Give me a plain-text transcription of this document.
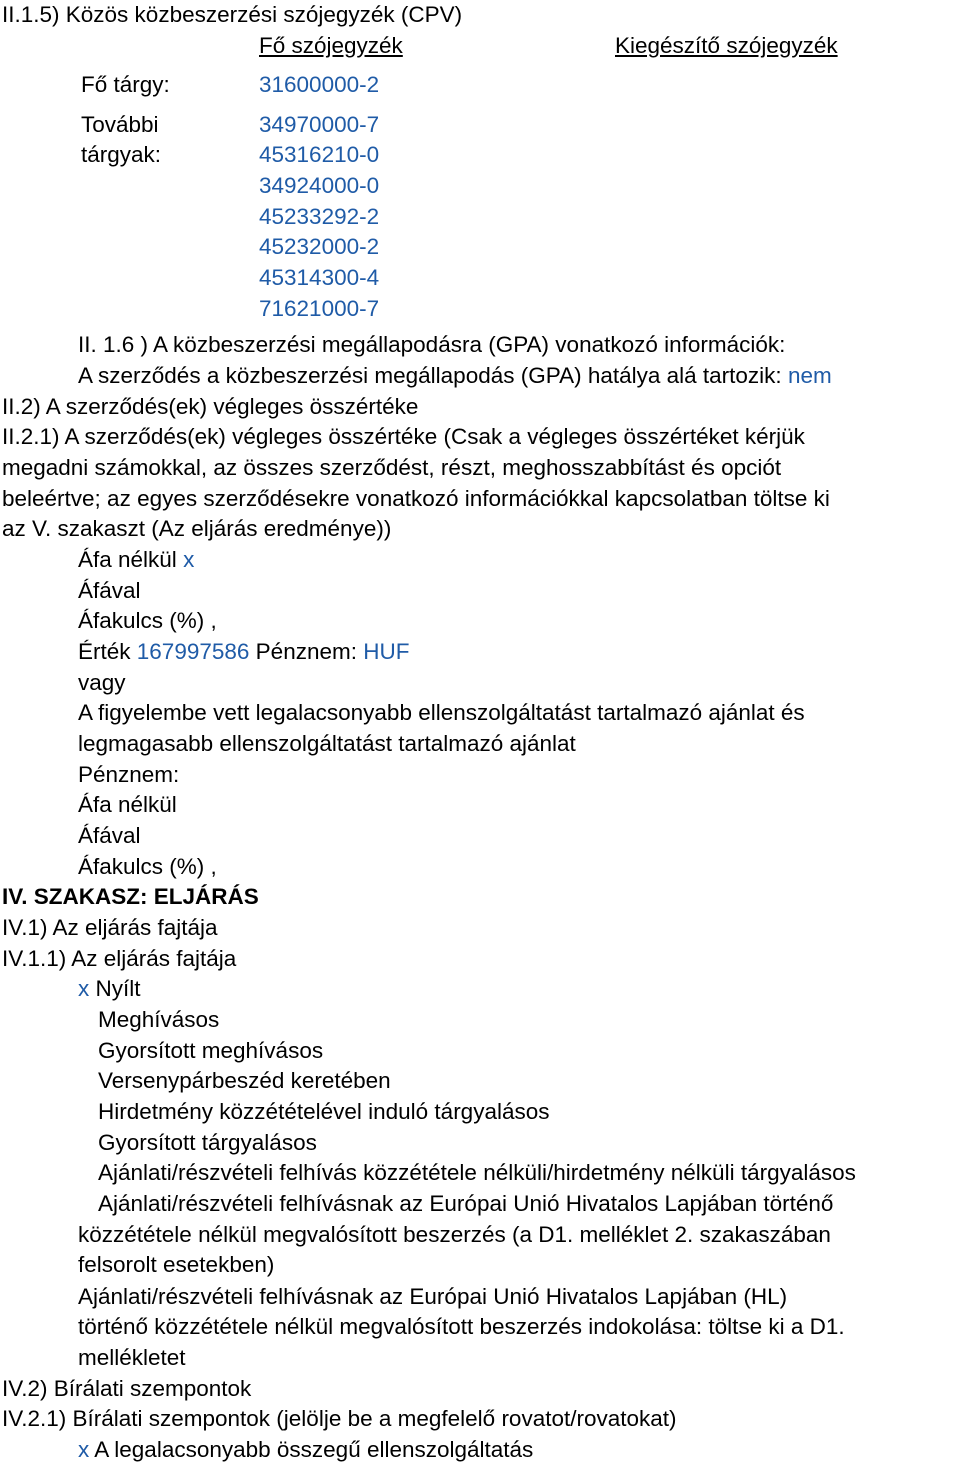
II.1.5) Közös közbeszerzési szójegyzék (CPV)
Fő szójegyzék	Kiegészítő szójegyzék
Fő tárgy:	31600000-2
További
tárgyak:
34970000-7
45316210-0
34924000-0
45233292-2
45232000-2
45314300-4
71621000-7
II. 1.6 ) A közbeszerzési megállapodásra (GPA) vonatkozó információk:
A szerződés a közbeszerzési megállapodás (GPA) hatálya alá tartozik: nem
II.2) A szerződés(ek) végleges összértéke
II.2.1) A szerződés(ek) végleges összértéke (Csak a végleges összértéket kérjük
megadni számokkal, az összes szerződést, részt, meghosszabbítást és opciót
beleértve; az egyes szerződésekre vonatkozó információkkal kapcsolatban töltse ki
az V. szakaszt (Az eljárás eredménye))
Áfa nélkül x
Áfával
Áfakulcs (%) ,
Érték 167997586 Pénznem: HUF
vagy
A figyelembe vett legalacsonyabb ellenszolgáltatást tartalmazó ajánlat és
legmagasabb ellenszolgáltatást tartalmazó ajánlat
Pénznem:
Áfa nélkül
Áfával
Áfakulcs (%) ,
IV. SZAKASZ: ELJÁRÁS
IV.1) Az eljárás fajtája
IV.1.1) Az eljárás fajtája
x Nyílt
Meghívásos
Gyorsított meghívásos
Versenypárbeszéd keretében
Hirdetmény közzétételével induló tárgyalásos
Gyorsított tárgyalásos
Ajánlati/részvételi felhívás közzététele nélküli/hirdetmény nélküli tárgyalásos
Ajánlati/részvételi felhívásnak az Európai Unió Hivatalos Lapjában történő
közzététele nélkül megvalósított beszerzés (a D1. melléklet 2. szakaszában
felsorolt esetekben)
Ajánlati/részvételi felhívásnak az Európai Unió Hivatalos Lapjában (HL)
történő közzététele nélkül megvalósított beszerzés indokolása: töltse ki a D1.
mellékletet
IV.2) Bírálati szempontok
IV.2.1) Bírálati szempontok (jelölje be a megfelelő rovatot/rovatokat)
x A legalacsonyabb összegű ellenszolgáltatás
